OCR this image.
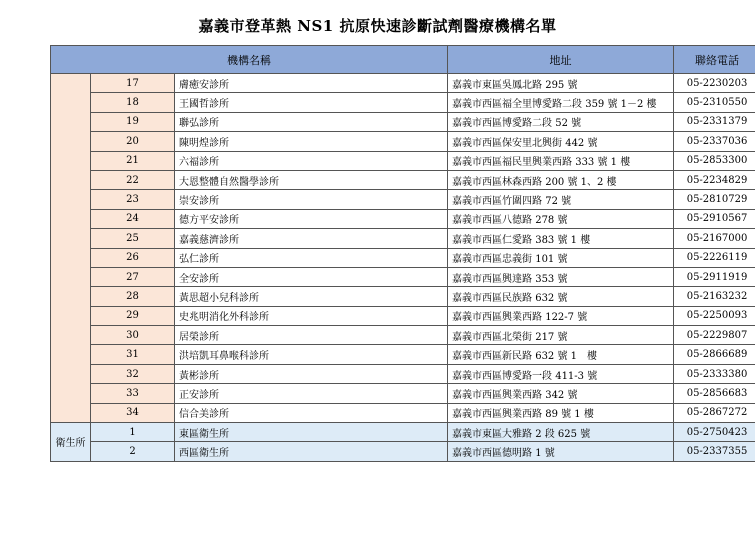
嘉義市登革熱 NS1 抗原快速診斷試劑醫療機構名單
機構名稱			地址	聯絡電話
	17	膚癒安診所	嘉義市東區吳鳳北路 295 號	05-2230203
	18	王國哲診所	嘉義市西區福全里博愛路二段 359 號 1－2 樓	05-2310550
	19	聯弘診所	嘉義市西區博愛路二段 52 號	05-2331379
	20	陳明煌診所	嘉義市西區保安里北興街 442 號	05-2337036
	21	六福診所	嘉義市西區福民里興業西路 333 號 1 樓	05-2853300
	22	大恩整體自然醫學診所	嘉義市西區林森西路 200 號 1、2 樓	05-2234829
	23	崇安診所	嘉義市西區竹圍四路 72 號	05-2810729
	24	德方平安診所	嘉義市西區八德路 278 號	05-2910567
	25	嘉義慈濟診所	嘉義市西區仁愛路 383 號 1 樓	05-2167000
	26	弘仁診所	嘉義市西區忠義街 101 號	05-2226119
	27	全安診所	嘉義市西區興達路 353 號	05-2911919
	28	黃思超小兒科診所	嘉義市西區民族路 632 號	05-2163232
	29	史兆明消化外科診所	嘉義市西區興業西路 122-7 號	05-2250093
	30	居榮診所	嘉義市西區北榮街 217 號	05-2229807
	31	洪培凱耳鼻喉科診所	嘉義市西區新民路 632 號 1　樓	05-2866689
	32	黃彬診所	嘉義市西區博愛路一段 411-3 號	05-2333380
	33	正安診所	嘉義市西區興業西路 342 號	05-2856683
	34	信合美診所	嘉義市西區興業西路 89 號 1 樓	05-2867272
衛生所	1	東區衛生所	嘉義市東區大雅路 2 段 625 號	05-2750423
	2	西區衛生所	嘉義市西區德明路 1 號	05-2337355
